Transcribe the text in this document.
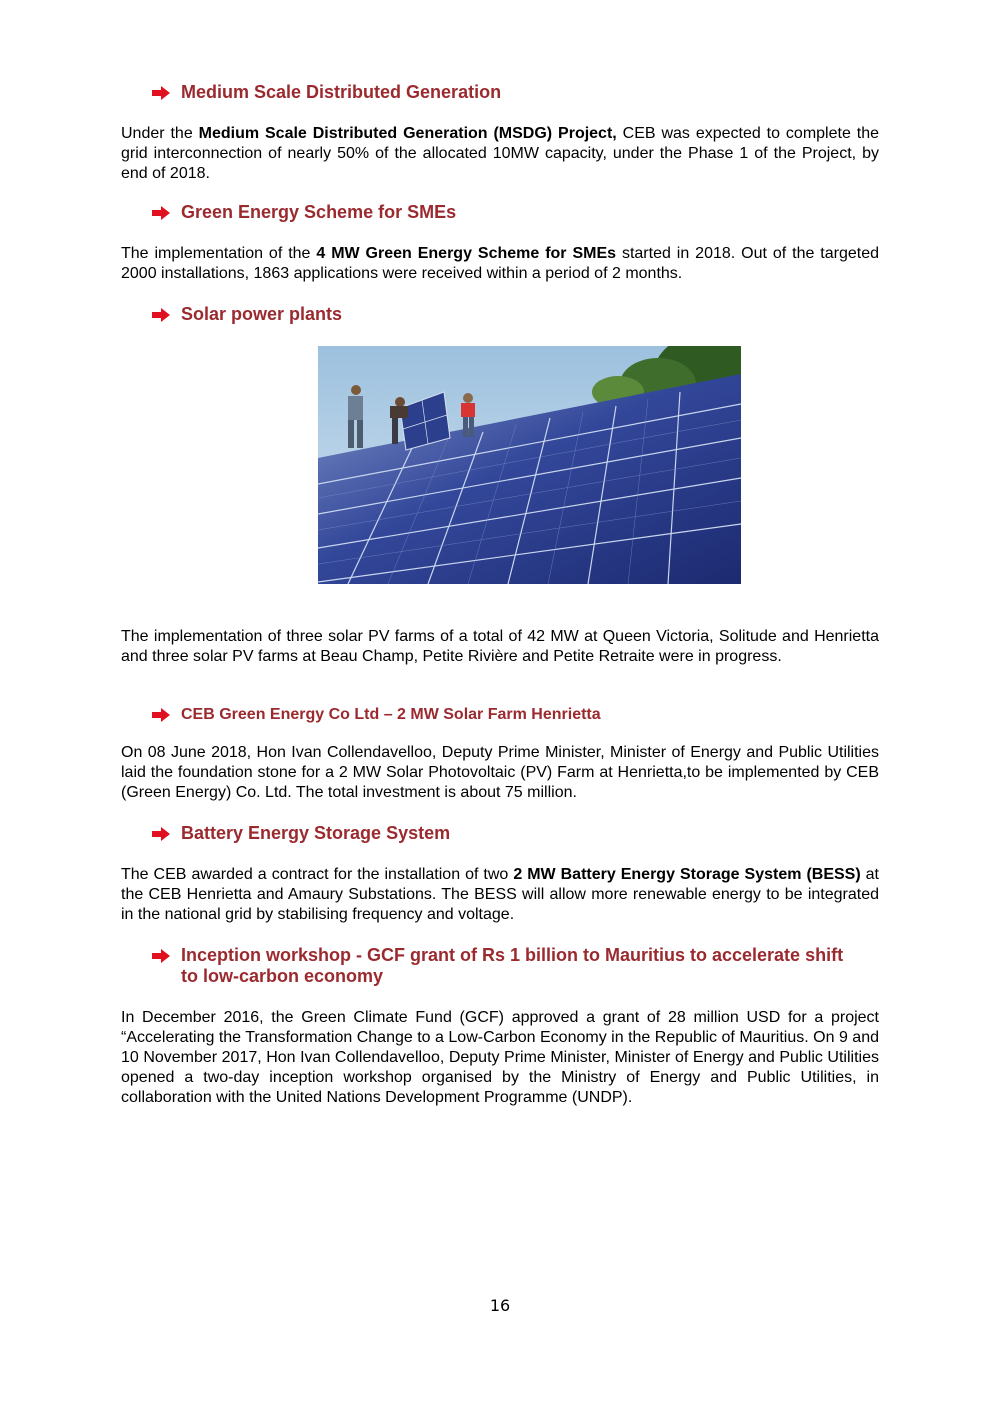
Medium Scale Distributed Generation

Under the Medium Scale Distributed Generation (MSDG) Project, CEB was expected to complete the grid interconnection of nearly 50% of the allocated 10MW capacity, under the Phase 1 of the Project, by end of 2018.

Green Energy Scheme for SMEs

The implementation of the 4 MW Green Energy Scheme for SMEs started in 2018. Out of the targeted 2000 installations, 1863 applications were received within a period of 2 months.

Solar power plants

The implementation of three solar PV farms of a total of 42 MW at Queen Victoria, Solitude and Henrietta and three solar PV farms at Beau Champ, Petite Rivière and Petite Retraite were in progress.

CEB Green Energy Co Ltd – 2 MW Solar Farm Henrietta

On 08 June 2018, Hon Ivan Collendavelloo, Deputy Prime Minister, Minister of Energy and Public Utilities laid the foundation stone for a 2 MW Solar Photovoltaic (PV) Farm at Henrietta,to be implemented by CEB (Green Energy) Co. Ltd. The total investment is about 75 million.

Battery Energy Storage System

The CEB awarded a contract for the installation of two 2 MW Battery Energy Storage System (BESS) at the CEB Henrietta and Amaury Substations. The BESS will allow more renewable energy to be integrated in the national grid by stabilising frequency and voltage.

Inception workshop - GCF grant of Rs 1 billion to Mauritius to accelerate shift
to low-carbon economy

In December 2016, the Green Climate Fund (GCF) approved a grant of 28 million USD for a project “Accelerating the Transformation Change to a Low-Carbon Economy in the Republic of Mauritius. On 9 and 10 November 2017, Hon Ivan Collendavelloo, Deputy Prime Minister, Minister of Energy and Public Utilities opened a two-day inception workshop organised by the Ministry of Energy and Public Utilities, in collaboration with the United Nations Development Programme (UNDP).

16
